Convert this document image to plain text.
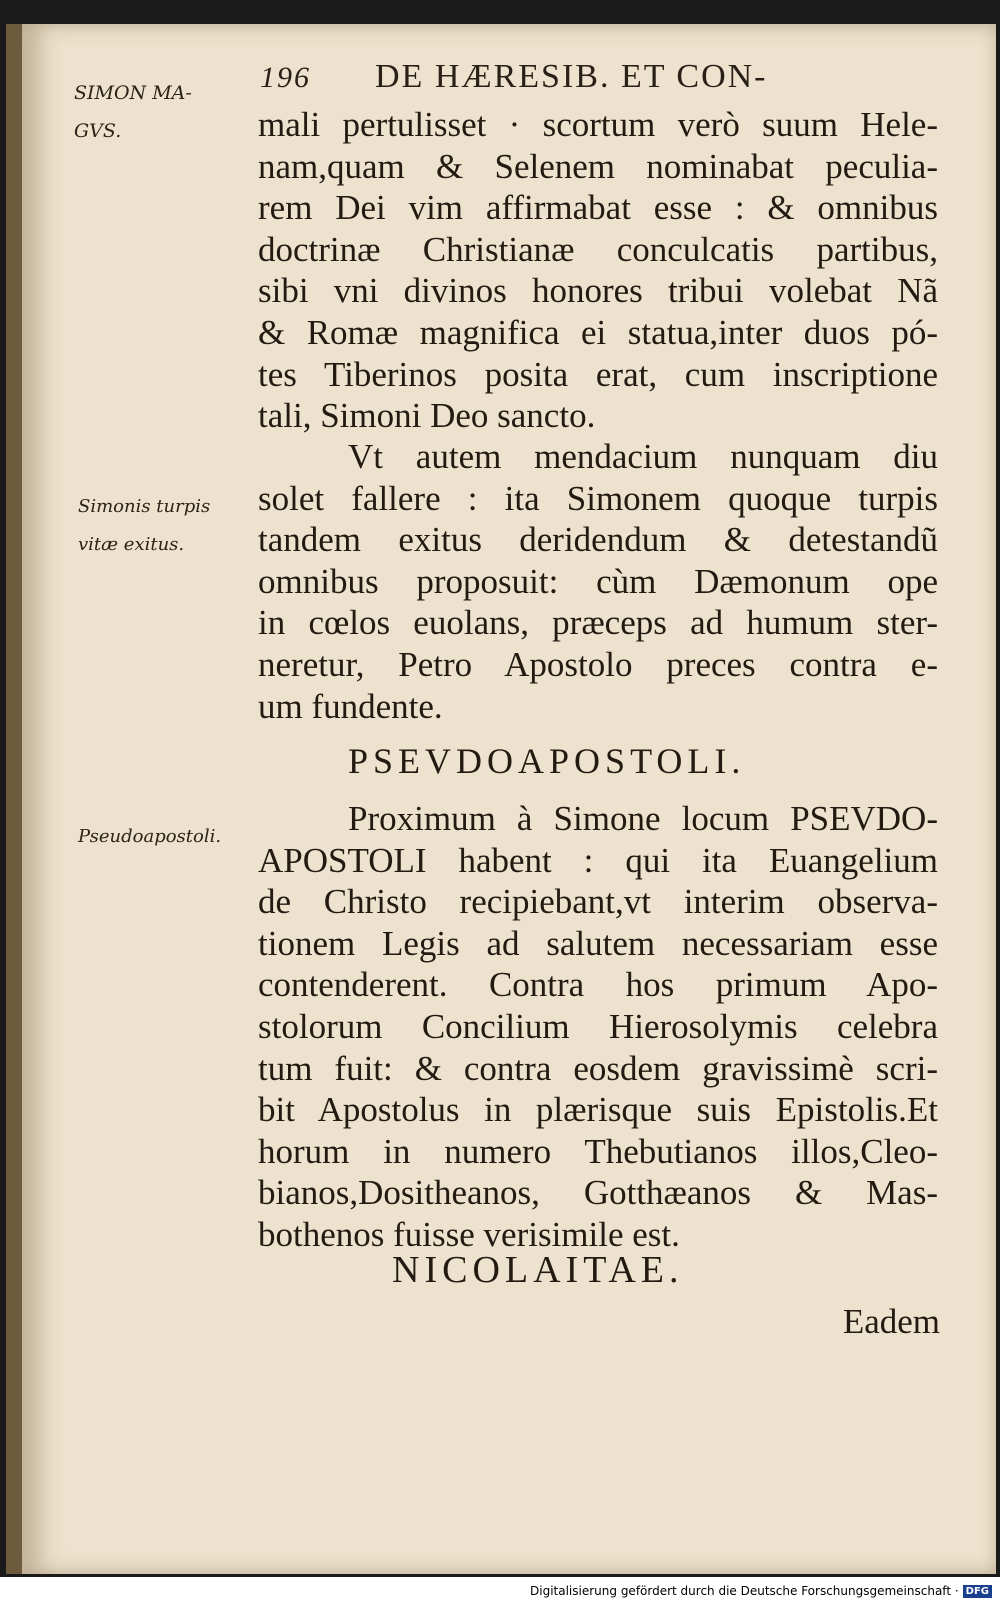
SIMON MA-
GVS.
196 DE HÆRESIB. ET CON-
mali pertulisset · scortum verò suum Hele-
nam,quam & Selenem nominabat peculia-
rem Dei vim affirmabat esse : & omnibus
doctrinæ Christianæ conculcatis partibus,
sibi vni divinos honores tribui volebat Nã
& Romæ magnifica ei statua,inter duos pó-
tes Tiberinos posita erat, cum inscriptione
tali, Simoni Deo sancto.
Simonis turpis
vitæ exitus.
Vt autem mendacium nunquam diu
solet fallere : ita Simonem quoque turpis
tandem exitus deridendum & detestandũ
omnibus proposuit: cùm Dæmonum ope
in cœlos euolans, præceps ad humum ster-
neretur, Petro Apostolo preces contra e-
um fundente.
PSEVDOAPOSTOLI.
Pseudoapostoli.	Proximum à Simone locum PSEVDO-
APOSTOLI habent : qui ita Euangelium
de Christo recipiebant,vt interim observa-
tionem Legis ad salutem necessariam esse
contenderent. Contra hos primum Apo-
stolorum Concilium Hierosolymis celebra
tum fuit: & contra eosdem gravissimè scri-
bit Apostolus in plærisque suis Epistolis.Et
horum in numero Thebutianos illos,Cleo-
bianos,Dositheanos, Gotthæanos & Mas-
bothenos fuisse verisimile est.
NICOLAITAE.
Eadem
Digitalisierung gefördert durch die Deutsche Forschungsgemeinschaft · DFG
